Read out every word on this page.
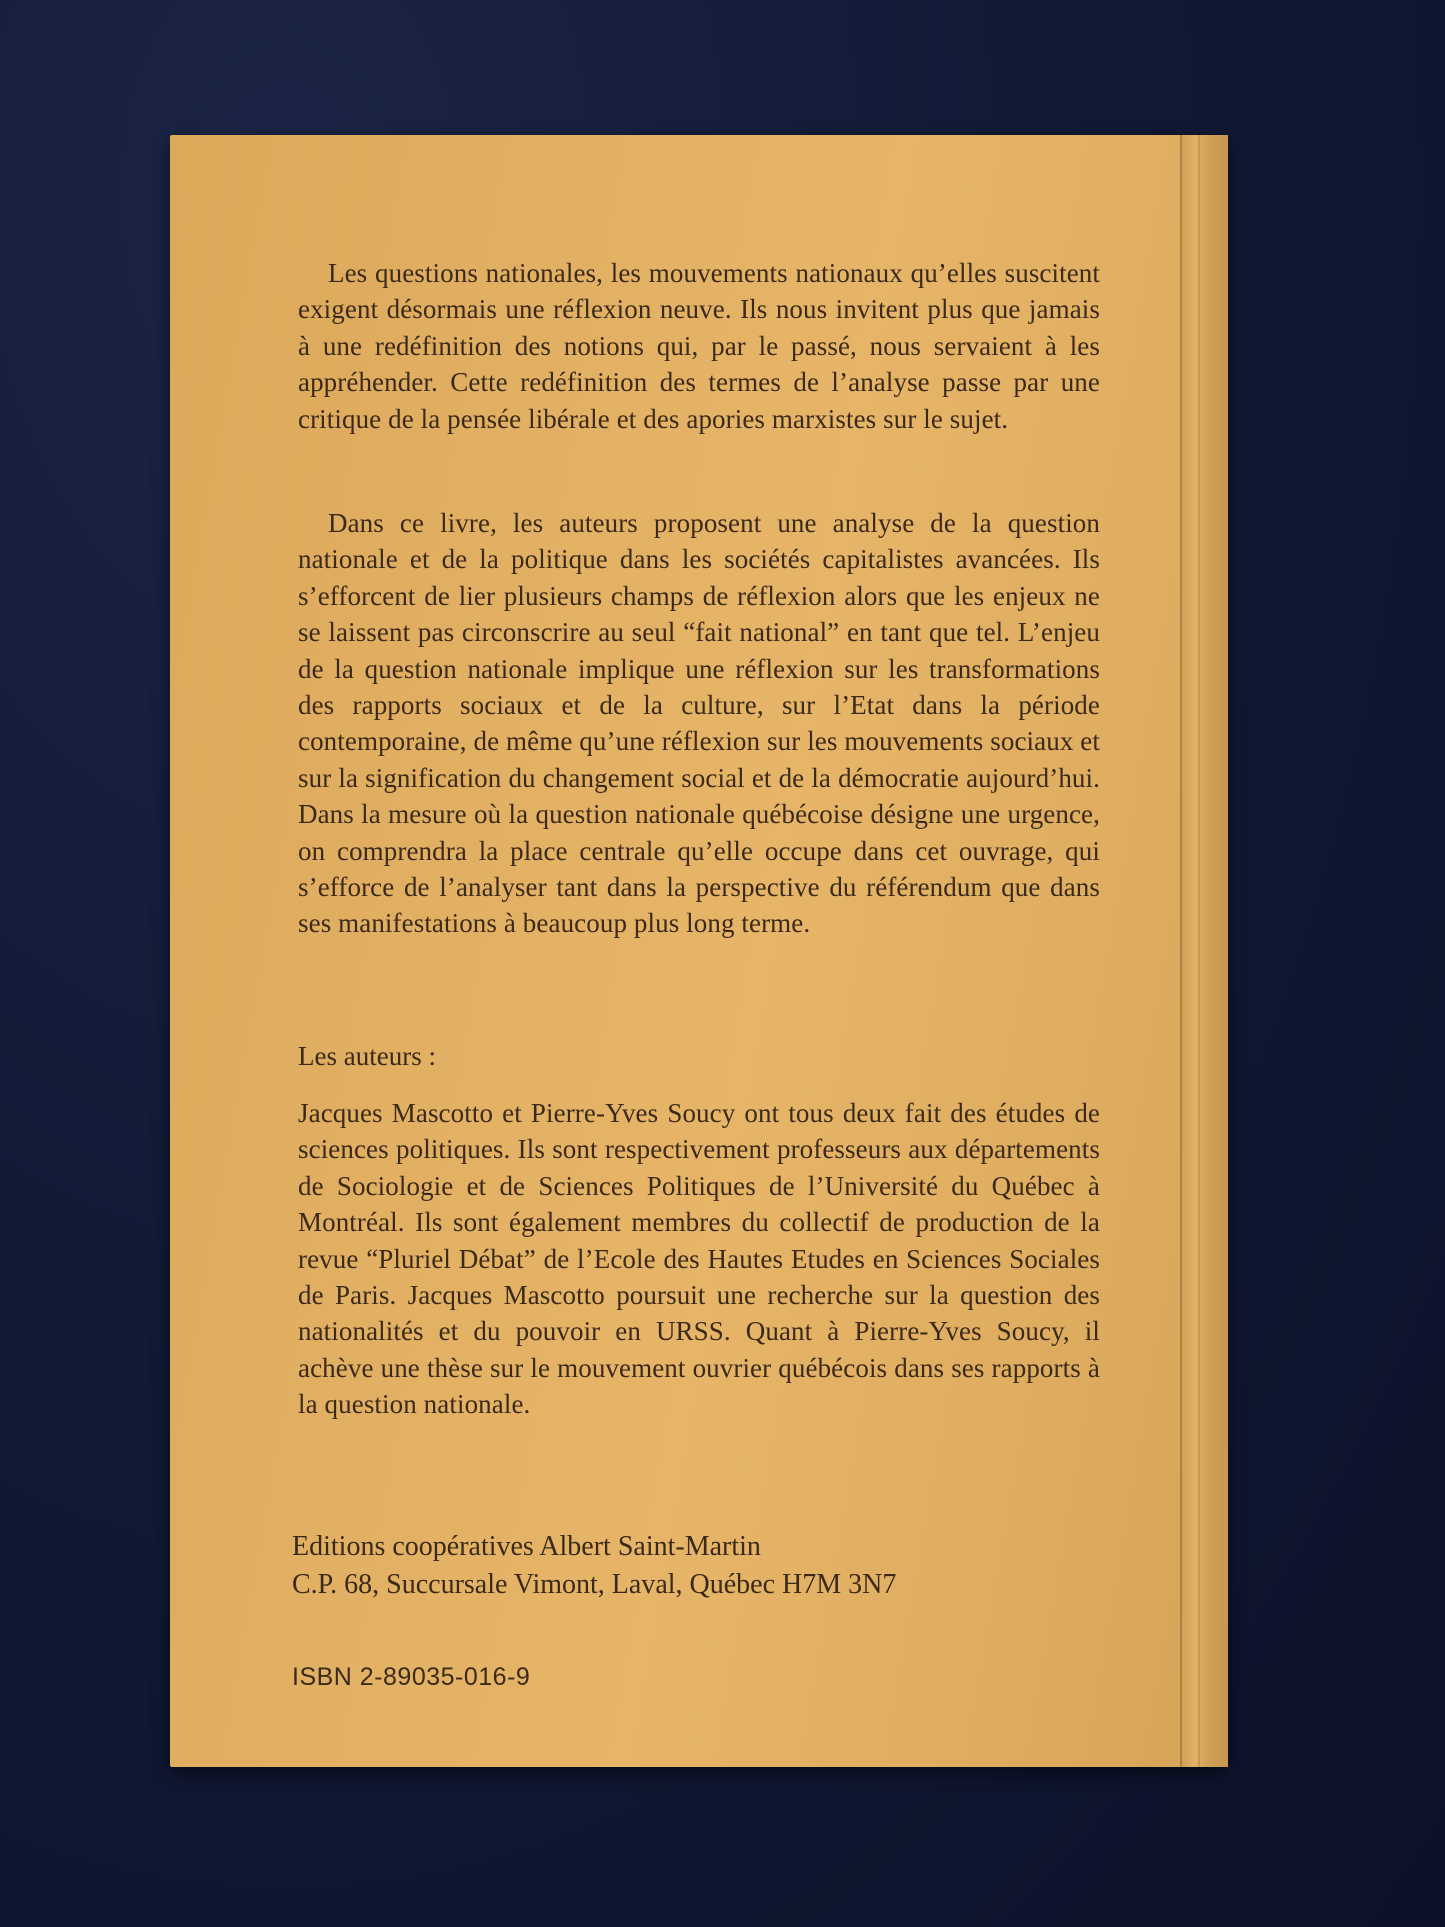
Les questions nationales, les mouvements nationaux qu’elles suscitent exigent désormais une réflexion neuve. Ils nous invitent plus que jamais à une redéfinition des notions qui, par le passé, nous servaient à les appréhender. Cette redéfinition des termes de l’analyse passe par une critique de la pensée libérale et des apories marxistes sur le sujet.

Dans ce livre, les auteurs proposent une analyse de la question nationale et de la politique dans les sociétés capitalistes avancées. Ils s’efforcent de lier plusieurs champs de réflexion alors que les enjeux ne se laissent pas circonscrire au seul “fait national” en tant que tel. L’enjeu de la question nationale implique une réflexion sur les transformations des rapports sociaux et de la culture, sur l’Etat dans la période contemporaine, de même qu’une réflexion sur les mouvements sociaux et sur la signification du changement social et de la démocratie aujourd’hui. Dans la mesure où la question nationale québécoise désigne une urgence, on comprendra la place centrale qu’elle occupe dans cet ouvrage, qui s’efforce de l’analyser tant dans la perspective du référendum que dans ses manifestations à beaucoup plus long terme.

Les auteurs :

Jacques Mascotto et Pierre-Yves Soucy ont tous deux fait des études de sciences politiques. Ils sont respectivement professeurs aux départements de Sociologie et de Sciences Politiques de l’Université du Québec à Montréal. Ils sont également membres du collectif de production de la revue “Pluriel Débat” de l’Ecole des Hautes Etudes en Sciences Sociales de Paris. Jacques Mascotto poursuit une recherche sur la question des nationalités et du pouvoir en URSS. Quant à Pierre-Yves Soucy, il achève une thèse sur le mouvement ouvrier québécois dans ses rapports à la question nationale.

Editions coopératives Albert Saint-Martin
C.P. 68, Succursale Vimont, Laval, Québec H7M 3N7
ISBN 2-89035-016-9
